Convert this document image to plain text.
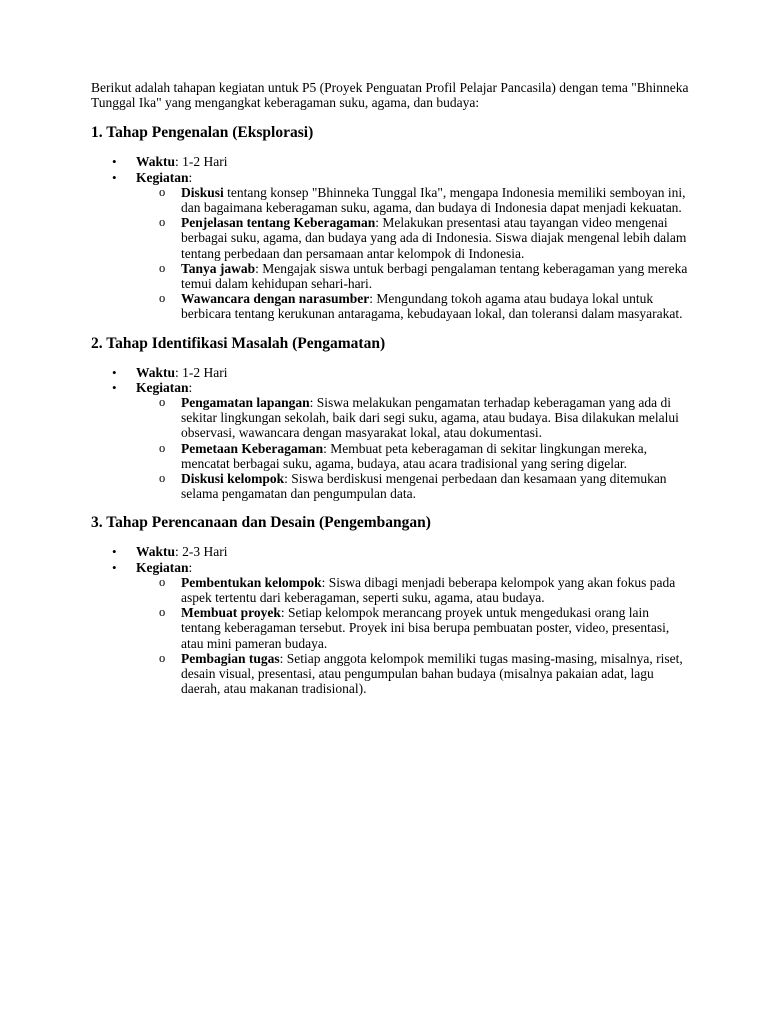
Berikut adalah tahapan kegiatan untuk P5 (Proyek Penguatan Profil Pelajar Pancasila) dengan tema "Bhinneka Tunggal Ika" yang mengangkat keberagaman suku, agama, dan budaya:

1. Tahap Pengenalan (Eksplorasi)
•	Waktu: 1-2 Hari
•	Kegiatan:
o Diskusi tentang konsep "Bhinneka Tunggal Ika", mengapa Indonesia memiliki semboyan ini, dan bagaimana keberagaman suku, agama, dan budaya di Indonesia dapat menjadi kekuatan.
o Penjelasan tentang Keberagaman: Melakukan presentasi atau tayangan video mengenai berbagai suku, agama, dan budaya yang ada di Indonesia. Siswa diajak mengenal lebih dalam tentang perbedaan dan persamaan antar kelompok di Indonesia.
o Tanya jawab: Mengajak siswa untuk berbagi pengalaman tentang keberagaman yang mereka temui dalam kehidupan sehari-hari.
o Wawancara dengan narasumber: Mengundang tokoh agama atau budaya lokal untuk berbicara tentang kerukunan antaragama, kebudayaan lokal, dan toleransi dalam masyarakat.
2. Tahap Identifikasi Masalah (Pengamatan)
•	Waktu: 1-2 Hari
•	Kegiatan:
o Pengamatan lapangan: Siswa melakukan pengamatan terhadap keberagaman yang ada di sekitar lingkungan sekolah, baik dari segi suku, agama, atau budaya. Bisa dilakukan melalui observasi, wawancara dengan masyarakat lokal, atau dokumentasi.
o Pemetaan Keberagaman: Membuat peta keberagaman di sekitar lingkungan mereka, mencatat berbagai suku, agama, budaya, atau acara tradisional yang sering digelar.
o Diskusi kelompok: Siswa berdiskusi mengenai perbedaan dan kesamaan yang ditemukan selama pengamatan dan pengumpulan data.
3. Tahap Perencanaan dan Desain (Pengembangan)
•	Waktu: 2-3 Hari
•	Kegiatan:
o Pembentukan kelompok: Siswa dibagi menjadi beberapa kelompok yang akan fokus pada aspek tertentu dari keberagaman, seperti suku, agama, atau budaya.
o Membuat proyek: Setiap kelompok merancang proyek untuk mengedukasi orang lain tentang keberagaman tersebut. Proyek ini bisa berupa pembuatan poster, video, presentasi, atau mini pameran budaya.
o Pembagian tugas: Setiap anggota kelompok memiliki tugas masing-masing, misalnya, riset, desain visual, presentasi, atau pengumpulan bahan budaya (misalnya pakaian adat, lagu daerah, atau makanan tradisional).
